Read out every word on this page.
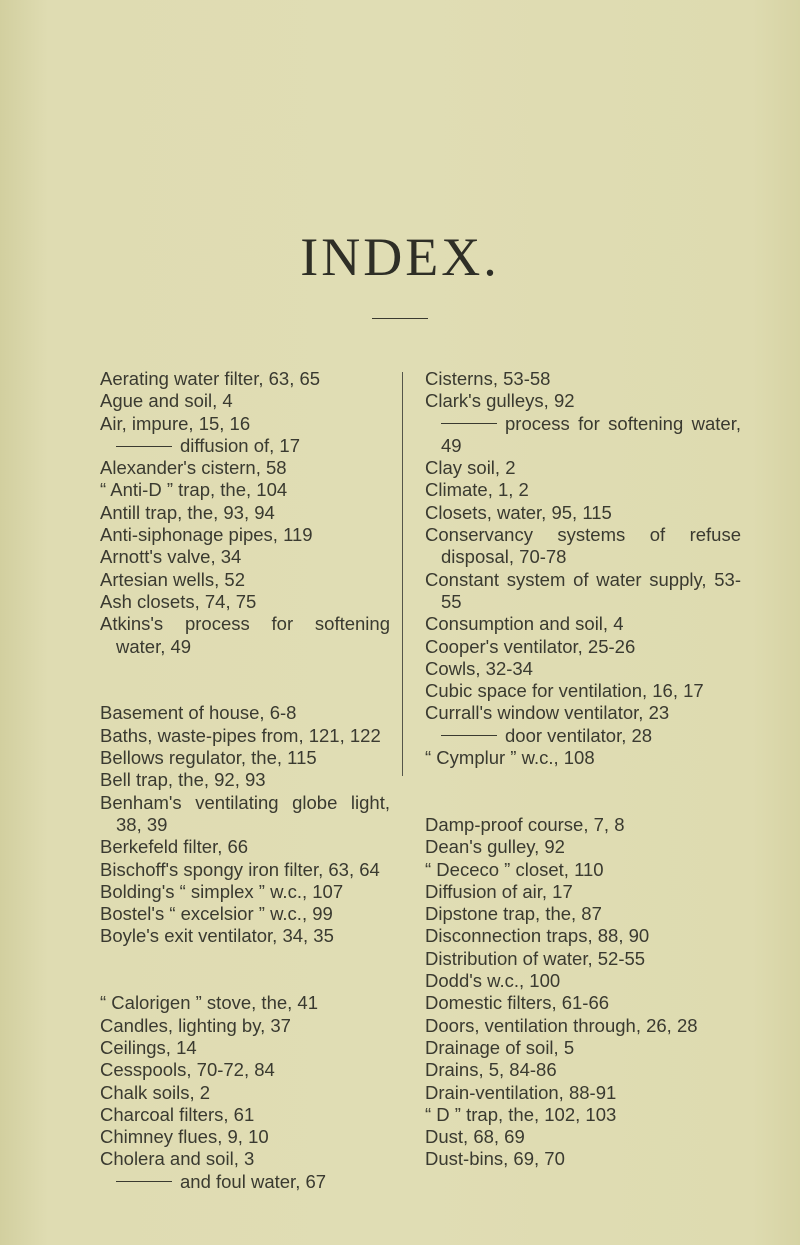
INDEX.
Aerating water filter, 63, 65
Ague and soil, 4
Air, impure, 15, 16
diffusion of, 17
Alexander's cistern, 58
“ Anti-D ” trap, the, 104
Antill trap, the, 93, 94
Anti-siphonage pipes, 119
Arnott's valve, 34
Artesian wells, 52
Ash closets, 74, 75
Atkins's process for softening water, 49
Basement of house, 6-8
Baths, waste-pipes from, 121, 122
Bellows regulator, the, 115
Bell trap, the, 92, 93
Benham's ventilating globe light, 38, 39
Berkefeld filter, 66
Bischoff's spongy iron filter, 63, 64
Bolding's “ simplex ” w.c., 107
Bostel's “ excelsior ” w.c., 99
Boyle's exit ventilator, 34, 35
“ Calorigen ” stove, the, 41
Candles, lighting by, 37
Ceilings, 14
Cesspools, 70-72, 84
Chalk soils, 2
Charcoal filters, 61
Chimney flues, 9, 10
Cholera and soil, 3
and foul water, 67
Cisterns, 53-58
Clark's gulleys, 92
process for softening water, 49
Clay soil, 2
Climate, 1, 2
Closets, water, 95, 115
Conservancy systems of refuse disposal, 70-78
Constant system of water supply, 53-55
Consumption and soil, 4
Cooper's ventilator, 25-26
Cowls, 32-34
Cubic space for ventilation, 16, 17
Currall's window ventilator, 23
door ventilator, 28
“ Cymplur ” w.c., 108
Damp-proof course, 7, 8
Dean's gulley, 92
“ Dececo ” closet, 110
Diffusion of air, 17
Dipstone trap, the, 87
Disconnection traps, 88, 90
Distribution of water, 52-55
Dodd's w.c., 100
Domestic filters, 61-66
Doors, ventilation through, 26, 28
Drainage of soil, 5
Drains, 5, 84-86
Drain-ventilation, 88-91
“ D ” trap, the, 102, 103
Dust, 68, 69
Dust-bins, 69, 70
